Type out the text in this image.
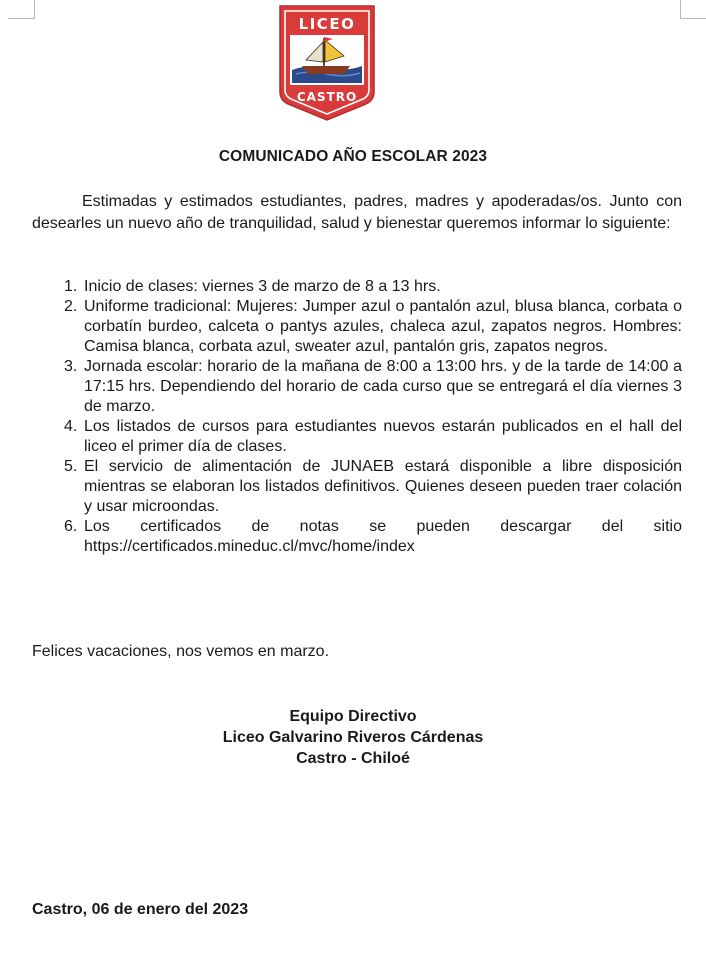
LICEO
CASTRO
COMUNICADO AÑO ESCOLAR 2023

Estimadas y estimados estudiantes, padres, madres y apoderadas/os. Junto con desearles un nuevo año de tranquilidad, salud y bienestar queremos informar lo siguiente:

1. Inicio de clases: viernes 3 de marzo de 8 a 13 hrs.
2. Uniforme tradicional: Mujeres: Jumper azul o pantalón azul, blusa blanca, corbata o corbatín burdeo, calceta o pantys azules, chaleca azul, zapatos negros. Hombres: Camisa blanca, corbata azul, sweater azul, pantalón gris, zapatos negros.
3. Jornada escolar: horario de la mañana de 8:00 a 13:00 hrs. y de la tarde de 14:00 a 17:15 hrs. Dependiendo del horario de cada curso que se entregará el día viernes 3 de marzo.
4. Los listados de cursos para estudiantes nuevos estarán publicados en el hall del liceo el primer día de clases.
5. El servicio de alimentación de JUNAEB estará disponible a libre disposición mientras se elaboran los listados definitivos. Quienes deseen pueden traer colación y usar microondas.
6. Los certificados de notas se pueden descargar del sitio https://certificados.mineduc.cl/mvc/home/index
Felices vacaciones, nos vemos en marzo.
Equipo Directivo
Liceo Galvarino Riveros Cárdenas
Castro - Chiloé
Castro, 06 de enero del 2023
